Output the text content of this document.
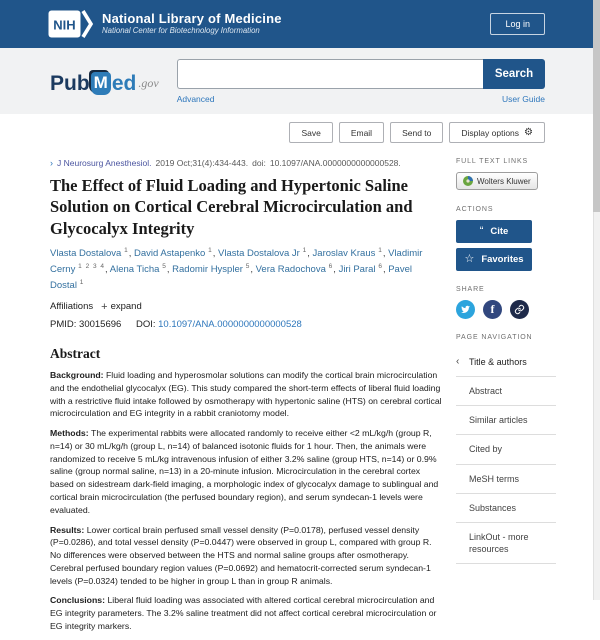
NIH National Library of Medicine
National Center for Biotechnology Information
Log in
Pub M ed .gov
Search
Advanced	User Guide
Save	Email	Send to	Display options ⚙
› J Neurosurg Anesthesiol. 2019 Oct;31(4):434-443. doi: 10.1097/ANA.0000000000000528.
The Effect of Fluid Loading and Hypertonic Saline Solution on Cortical Cerebral Microcirculation and Glycocalyx Integrity
Vlasta Dostalova $^1$, David Astapenko $^1$, Vlasta Dostalova Jr $^1$, Jaroslav Kraus $^1$, Vladimir Cerny $^{1 2 3 4}$, Alena Ticha $^5$, Radomir Hyspler $^5$, Vera Radochova $^6$, Jiri Paral $^6$, Pavel Dostal $^1$
Affiliations + expand
PMID: 30015696 DOI: 10.1097/ANA.0000000000000528
Abstract

Background: Fluid loading and hyperosmolar solutions can modify the cortical brain microcirculation and the endothelial glycocalyx (EG). This study compared the short-term effects of liberal fluid loading with a restrictive fluid intake followed by osmotherapy with hypertonic saline (HTS) on cerebral cortical microcirculation and EG integrity in a rabbit craniotomy model.

Methods: The experimental rabbits were allocated randomly to receive either <2 mL/kg/h (group R, n=14) or 30 mL/kg/h (group L, n=14) of balanced isotonic fluids for 1 hour. Then, the animals were randomized to receive 5 mL/kg intravenous infusion of either 3.2% saline (group HTS, n=14) or 0.9% saline (group normal saline, n=13) in a 20-minute infusion. Microcirculation in the cerebral cortex based on sidestream dark-field imaging, a morphologic index of glycocalyx damage to sublingual and cortical brain microcirculation (the perfused boundary region), and serum syndecan-1 levels were evaluated.

Results: Lower cortical brain perfused small vessel density (P=0.0178), perfused vessel density (P=0.0286), and total vessel density (P=0.0447) were observed in group L, compared with group R. No differences were observed between the HTS and normal saline groups after osmotherapy. Cerebral perfused boundary region values (P=0.0692) and hematocrit-corrected serum syndecan-1 levels (P=0.0324) tended to be higher in group L than in group R animals.

Conclusions: Liberal fluid loading was associated with altered cortical cerebral microcirculation and EG integrity parameters. The 3.2% saline treatment did not affect cortical cerebral microcirculation or EG integrity markers.

FULL TEXT LINKS
Wolters Kluwer
ACTIONS
“ Cite
☆ Favorites
SHARE
f
PAGE NAVIGATION
‹ Title & authors
Abstract
Similar articles
Cited by
MeSH terms
Substances
LinkOut - more resources
